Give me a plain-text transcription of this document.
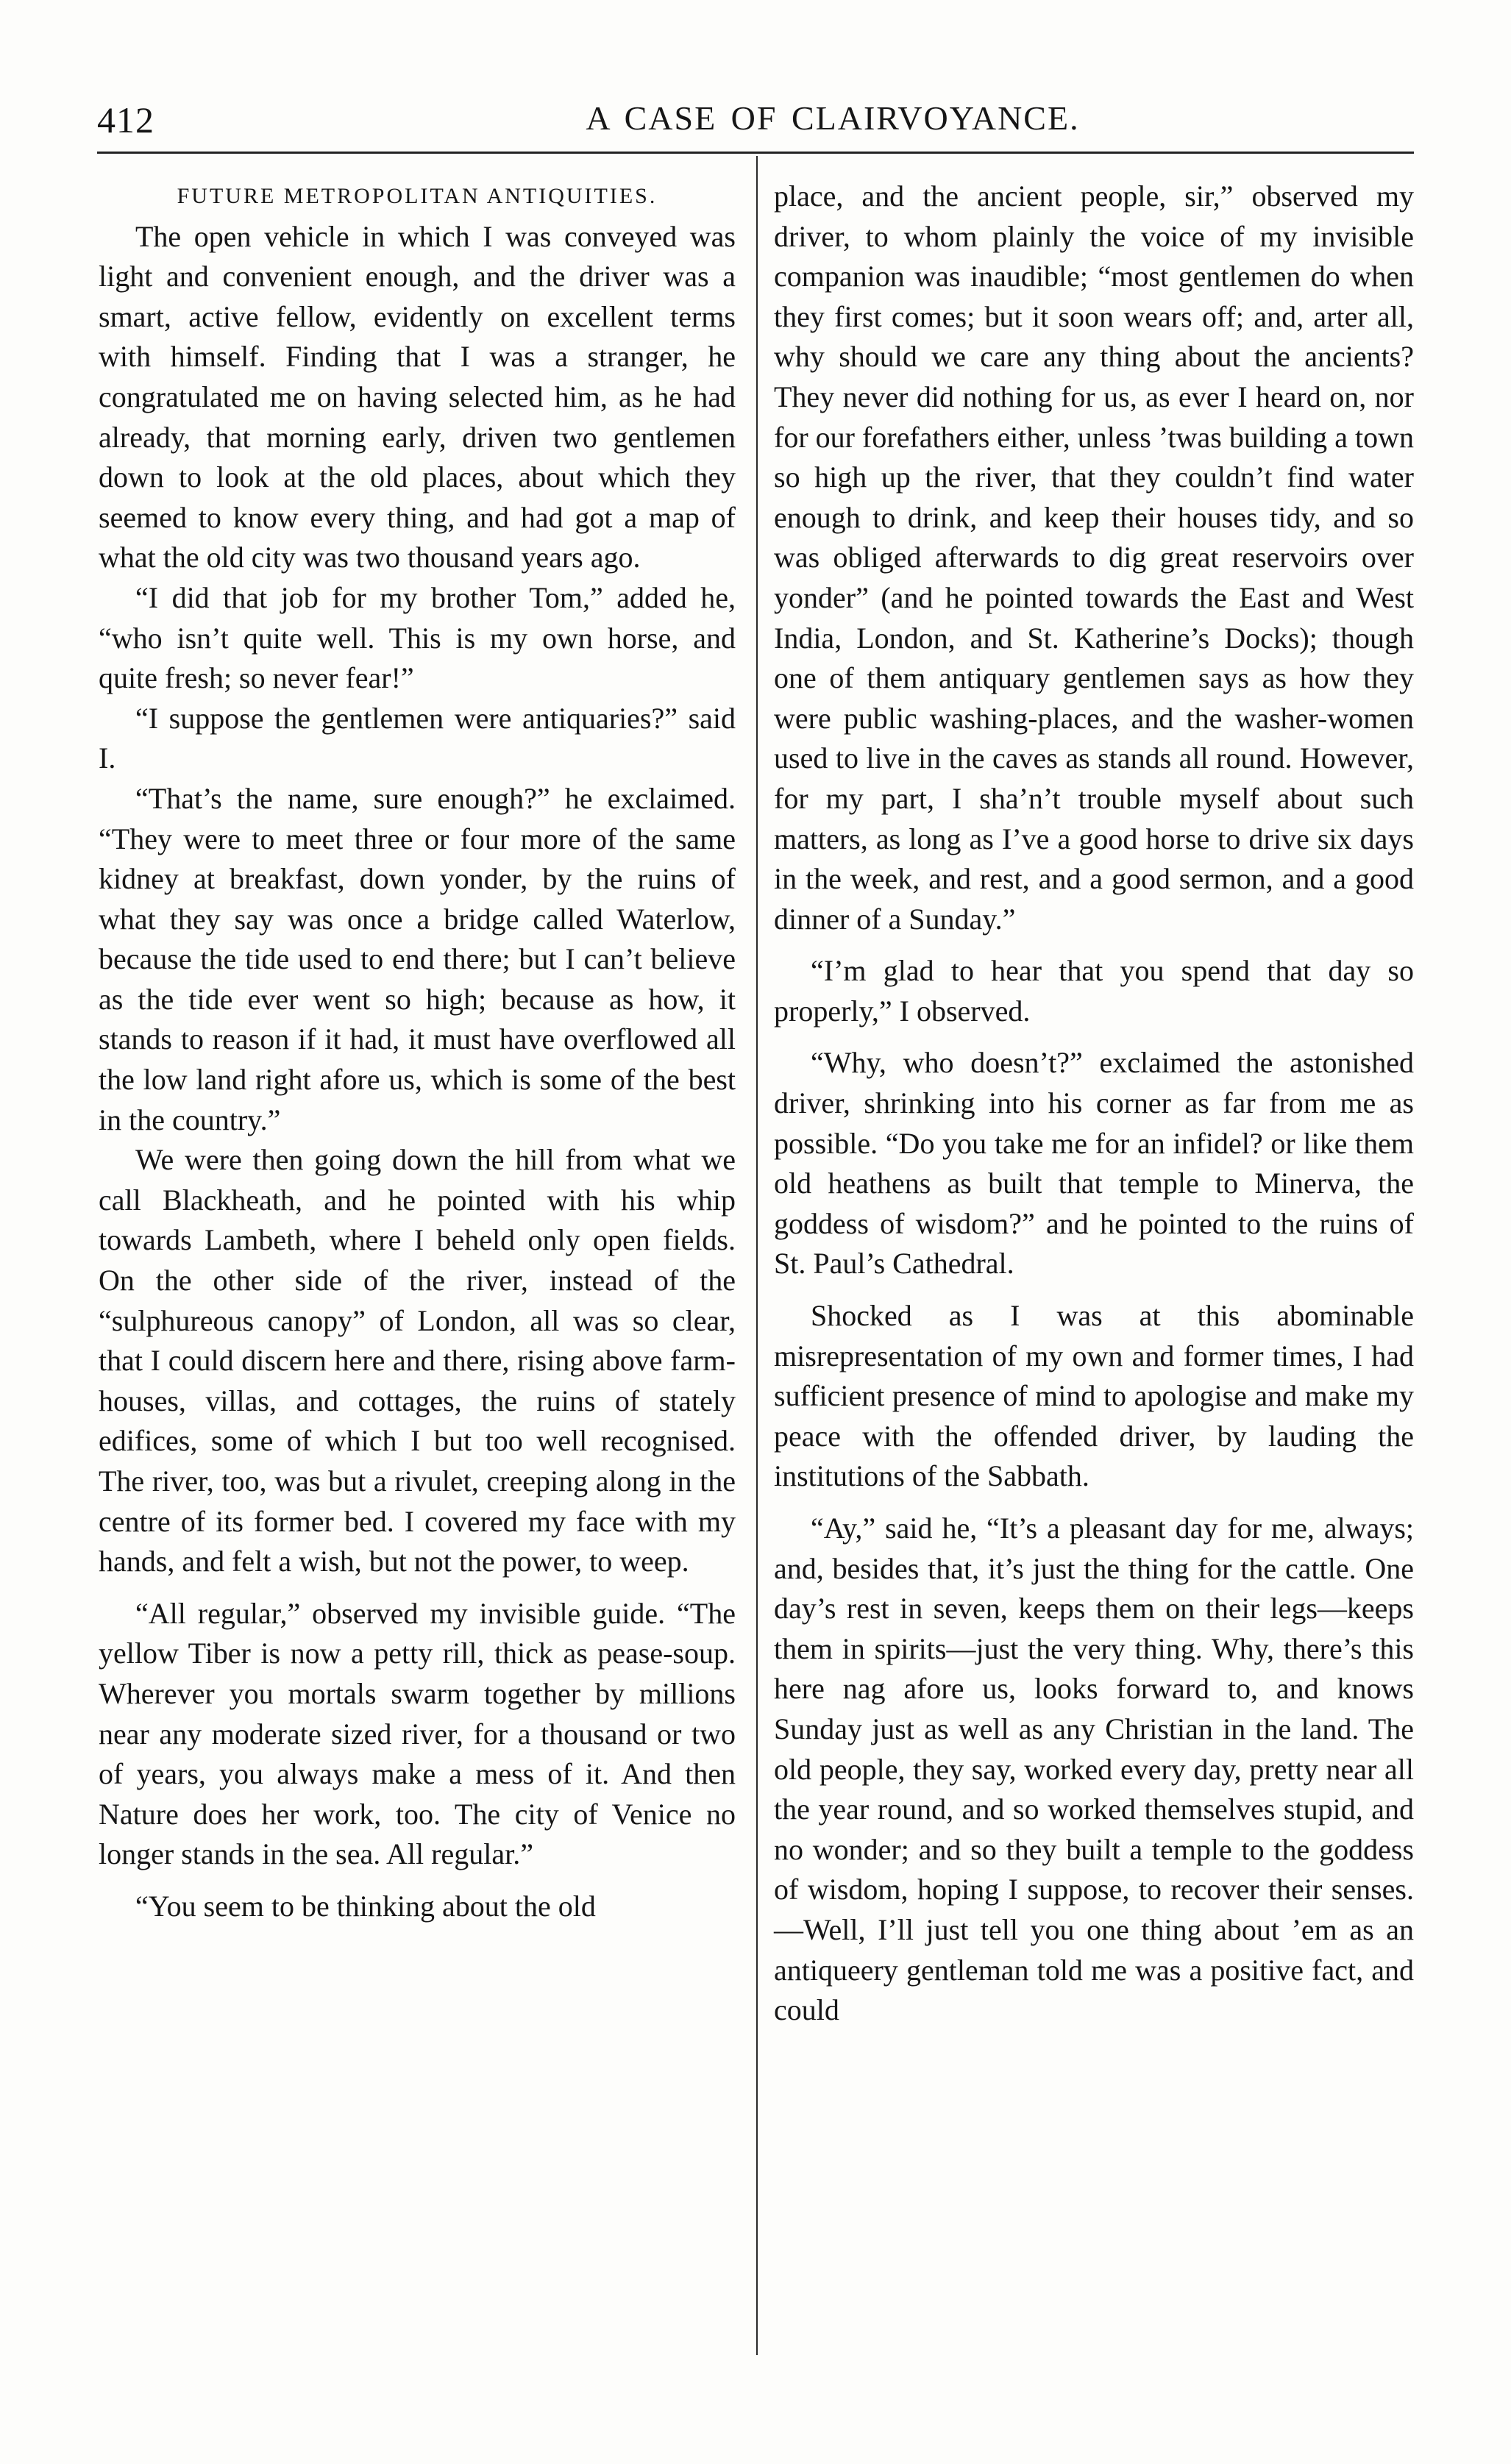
412	A CASE OF CLAIRVOYANCE.

FUTURE METROPOLITAN ANTIQUITIES.

The open vehicle in which I was conveyed was light and convenient enough, and the driver was a smart, active fellow, evidently on excellent terms with himself. Finding that I was a stranger, he congratulated me on having selected him, as he had already, that morning early, driven two gentlemen down to look at the old places, about which they seemed to know every thing, and had got a map of what the old city was two thousand years ago.

“I did that job for my brother Tom,” added he, “who isn’t quite well. This is my own horse, and quite fresh; so never fear!”

“I suppose the gentlemen were antiquaries?” said I.

“That’s the name, sure enough?” he exclaimed. “They were to meet three or four more of the same kidney at breakfast, down yonder, by the ruins of what they say was once a bridge called Waterlow, because the tide used to end there; but I can’t believe as the tide ever went so high; because as how, it stands to reason if it had, it must have overflowed all the low land right afore us, which is some of the best in the country.”

We were then going down the hill from what we call Blackheath, and he pointed with his whip towards Lambeth, where I beheld only open fields. On the other side of the river, instead of the “sulphureous canopy” of London, all was so clear, that I could discern here and there, rising above farm-houses, villas, and cottages, the ruins of stately edifices, some of which I but too well recognised. The river, too, was but a rivulet, creeping along in the centre of its former bed. I covered my face with my hands, and felt a wish, but not the power, to weep.

“All regular,” observed my invisible guide. “The yellow Tiber is now a petty rill, thick as pease-soup. Wherever you mortals swarm together by millions near any moderate sized river, for a thousand or two of years, you always make a mess of it. And then Nature does her work, too. The city of Venice no longer stands in the sea. All regular.”

“You seem to be thinking about the old

place, and the ancient people, sir,” observed my driver, to whom plainly the voice of my invisible companion was inaudible; “most gentlemen do when they first comes; but it soon wears off; and, arter all, why should we care any thing about the ancients? They never did nothing for us, as ever I heard on, nor for our forefathers either, unless ’twas building a town so high up the river, that they couldn’t find water enough to drink, and keep their houses tidy, and so was obliged afterwards to dig great reservoirs over yonder” (and he pointed towards the East and West India, London, and St. Katherine’s Docks); though one of them antiquary gentlemen says as how they were public washing-places, and the washer-women used to live in the caves as stands all round. However, for my part, I sha’n’t trouble myself about such matters, as long as I’ve a good horse to drive six days in the week, and rest, and a good sermon, and a good dinner of a Sunday.”

“I’m glad to hear that you spend that day so properly,” I observed.

“Why, who doesn’t?” exclaimed the astonished driver, shrinking into his corner as far from me as possible. “Do you take me for an infidel? or like them old heathens as built that temple to Minerva, the goddess of wisdom?” and he pointed to the ruins of St. Paul’s Cathedral.

Shocked as I was at this abominable misrepresentation of my own and former times, I had sufficient presence of mind to apologise and make my peace with the offended driver, by lauding the institutions of the Sabbath.

“Ay,” said he, “It’s a pleasant day for me, always; and, besides that, it’s just the thing for the cattle. One day’s rest in seven, keeps them on their legs—keeps them in spirits—just the very thing. Why, there’s this here nag afore us, looks forward to, and knows Sunday just as well as any Christian in the land. The old people, they say, worked every day, pretty near all the year round, and so worked themselves stupid, and no wonder; and so they built a temple to the goddess of wisdom, hoping I suppose, to recover their senses.—Well, I’ll just tell you one thing about ’em as an antiqueery gentleman told me was a positive fact, and could
